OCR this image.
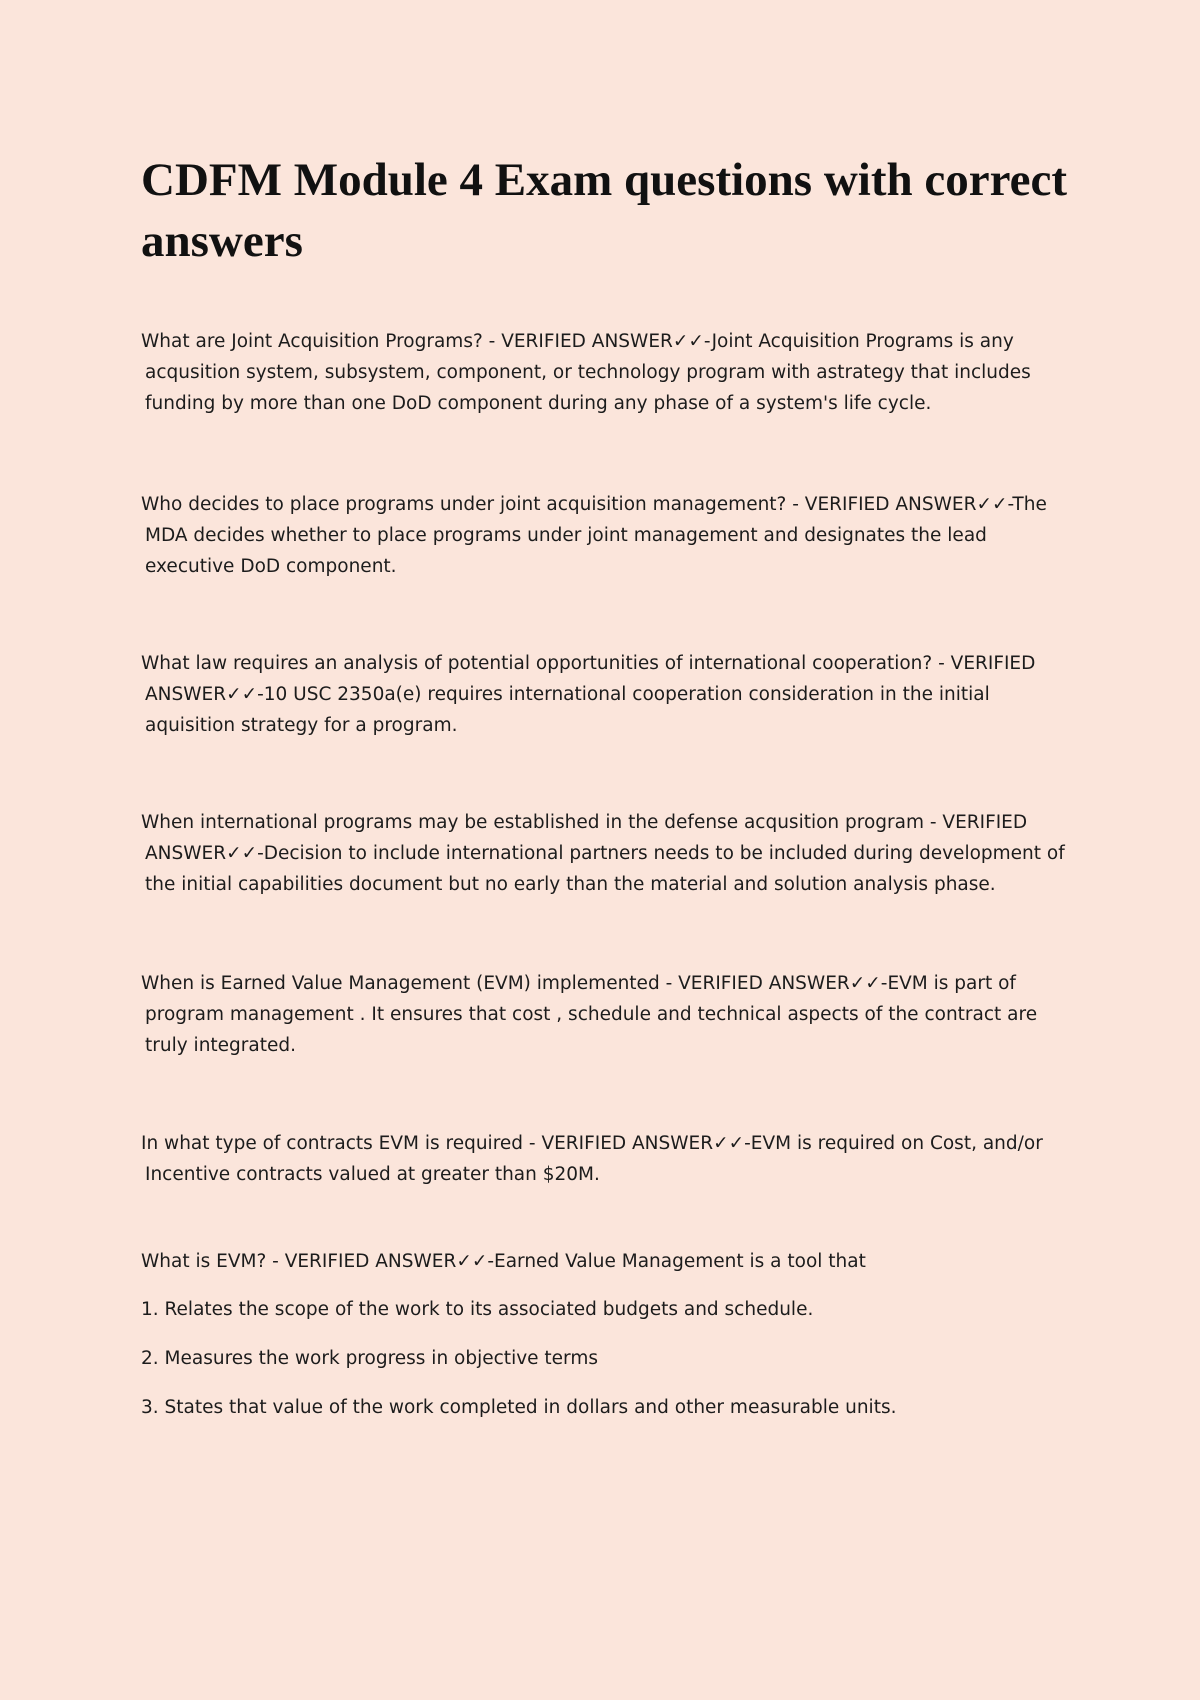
CDFM Module 4 Exam questions with correct answers

What are Joint Acquisition Programs? - VERIFIED ANSWER✓✓-Joint Acquisition Programs is any acqusition system, subsystem, component, or technology program with astrategy that includes funding by more than one DoD component during any phase of a system's life cycle.

Who decides to place programs under joint acquisition management? - VERIFIED ANSWER✓✓-The MDA decides whether to place programs under joint management and designates the lead executive DoD component.

What law requires an analysis of potential opportunities of international cooperation? - VERIFIED ANSWER✓✓-10 USC 2350a(e) requires international cooperation consideration in the initial aquisition strategy for a program.

When international programs may be established in the defense acqusition program - VERIFIED ANSWER✓✓-Decision to include international partners needs to be included during development of the initial capabilities document but no early than the material and solution analysis phase.

When is Earned Value Management (EVM) implemented - VERIFIED ANSWER✓✓-EVM is part of program management . It ensures that cost , schedule and technical aspects of the contract are truly integrated.

In what type of contracts EVM is required - VERIFIED ANSWER✓✓-EVM is required on Cost, and/or Incentive contracts valued at greater than $20M.

What is EVM? - VERIFIED ANSWER✓✓-Earned Value Management is a tool that

1. Relates the scope of the work to its associated budgets and schedule.

2. Measures the work progress in objective terms

3. States that value of the work completed in dollars and other measurable units.
